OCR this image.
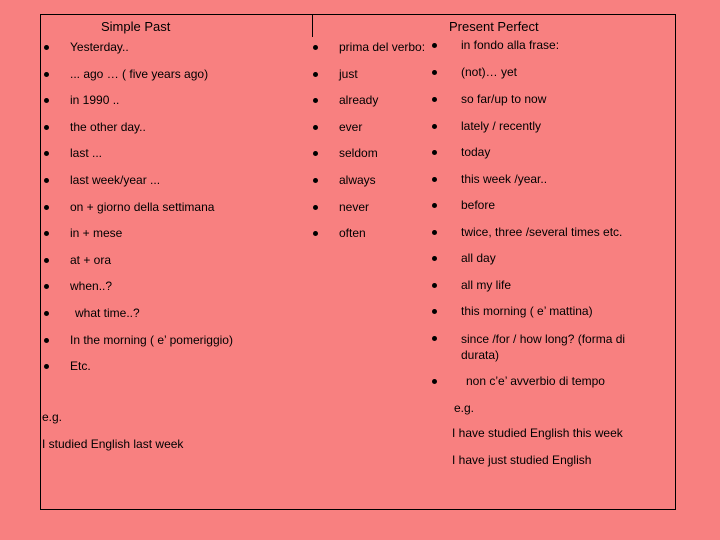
Simple Past	Present Perfect
Yesterday..
... ago … ( five years ago)
in 1990 ..
the other day..
last ...
last week/year ...
on + giorno della settimana
in + mese
at + ora
when..?
what time..?
In the morning ( e’ pomeriggio)
Etc.
prima del verbo:
just
already
ever
seldom
always
never
often
in fondo alla frase:
(not)… yet
so far/up to now
lately / recently
today
this week /year..
before
twice, three /several times etc.
all day
all my life
this morning ( e’ mattina)
since /for / how long? (forma di durata)
non c’e’ avverbio di tempo
e.g.
I studied English last week
e.g.
I have studied English this week
I have just studied English
